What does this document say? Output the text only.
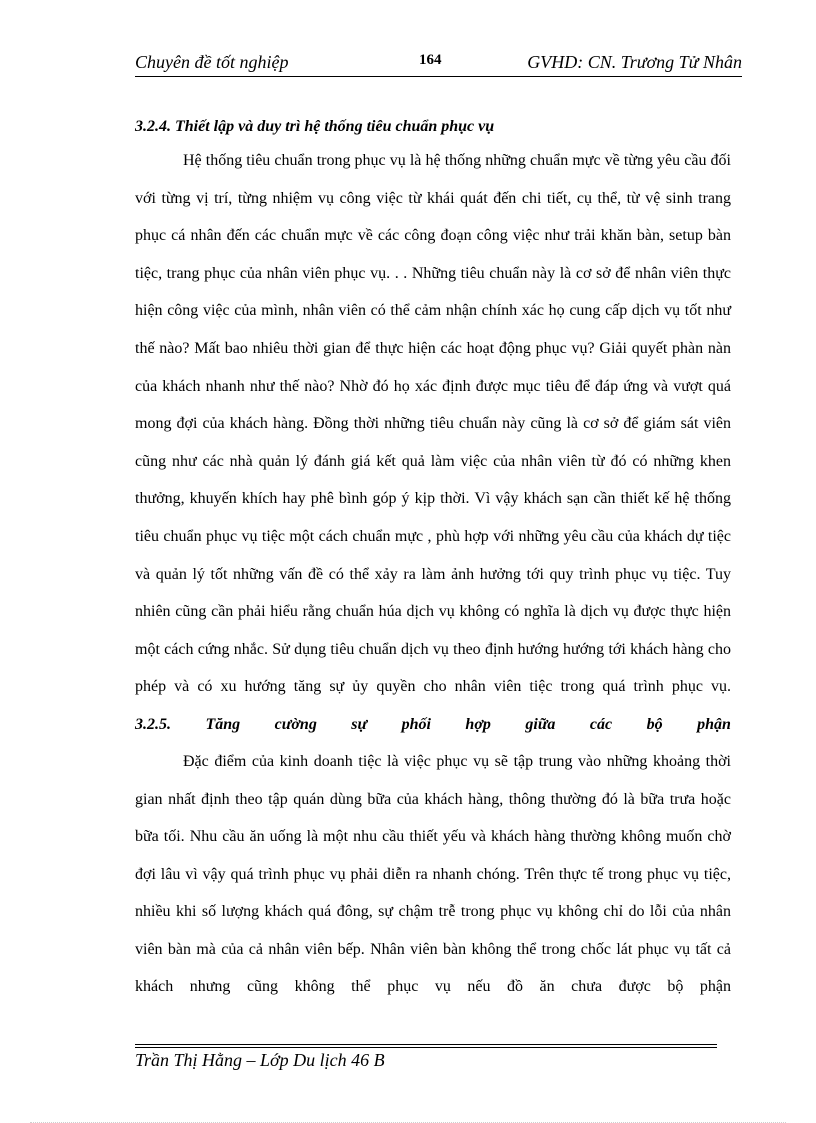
Chuyên đề tốt nghiệp	164	GVHD: CN. Trương Tử Nhân
3.2.4. Thiết lập và duy trì hệ thống tiêu chuẩn phục vụ

Hệ thống tiêu chuẩn trong phục vụ là hệ thống những chuẩn mực về từng yêu cầu đối với từng vị trí, từng nhiệm vụ công việc từ khái quát đến chi tiết, cụ thể, từ vệ sinh trang phục cá nhân đến các chuẩn mực về các công đoạn công việc như trải khăn bàn, setup bàn tiệc, trang phục của nhân viên phục vụ. . . Những tiêu chuẩn này là cơ sở để nhân viên thực hiện công việc của mình, nhân viên có thể cảm nhận chính xác họ cung cấp dịch vụ tốt như thế nào? Mất bao nhiêu thời gian để thực hiện các hoạt động phục vụ? Giải quyết phàn nàn của khách nhanh như thế nào? Nhờ đó họ xác định được mục tiêu để đáp ứng và vượt quá mong đợi của khách hàng. Đồng thời những tiêu chuẩn này cũng là cơ sở để giám sát viên cũng như các nhà quản lý đánh giá kết quả làm việc của nhân viên từ đó có những khen thưởng, khuyến khích hay phê bình góp ý kịp thời. Vì vậy khách sạn cần thiết kế hệ thống tiêu chuẩn phục vụ tiệc một cách chuẩn mực , phù hợp với những yêu cầu của khách dự tiệc và quản lý tốt những vấn đề có thể xảy ra làm ảnh hưởng tới quy trình phục vụ tiệc. Tuy nhiên cũng cần phải hiểu rằng chuẩn húa dịch vụ không có nghĩa là dịch vụ được thực hiện một cách cứng nhắc. Sử dụng tiêu chuẩn dịch vụ theo định hướng hướng tới khách hàng cho phép và có xu hướng tăng sự ủy quyền cho nhân viên tiệc trong quá trình phục vụ.

3.2.5. Tăng cường sự phối hợp giữa các bộ phận

Đặc điểm của kinh doanh tiệc là việc phục vụ sẽ tập trung vào những khoảng thời gian nhất định theo tập quán dùng bữa của khách hàng, thông thường đó là bữa trưa hoặc bữa tối. Nhu cầu ăn uống là một nhu cầu thiết yếu và khách hàng thường không muốn chờ đợi lâu vì vậy quá trình phục vụ phải diễn ra nhanh chóng. Trên thực tế trong phục vụ tiệc, nhiều khi số lượng khách quá đông, sự chậm trễ trong phục vụ không chỉ do lỗi của nhân viên bàn mà của cả nhân viên bếp. Nhân viên bàn không thể trong chốc lát phục vụ tất cả khách nhưng cũng không thể phục vụ nếu đồ ăn chưa được bộ phận

Trần Thị Hằng – Lớp Du lịch 46 B
